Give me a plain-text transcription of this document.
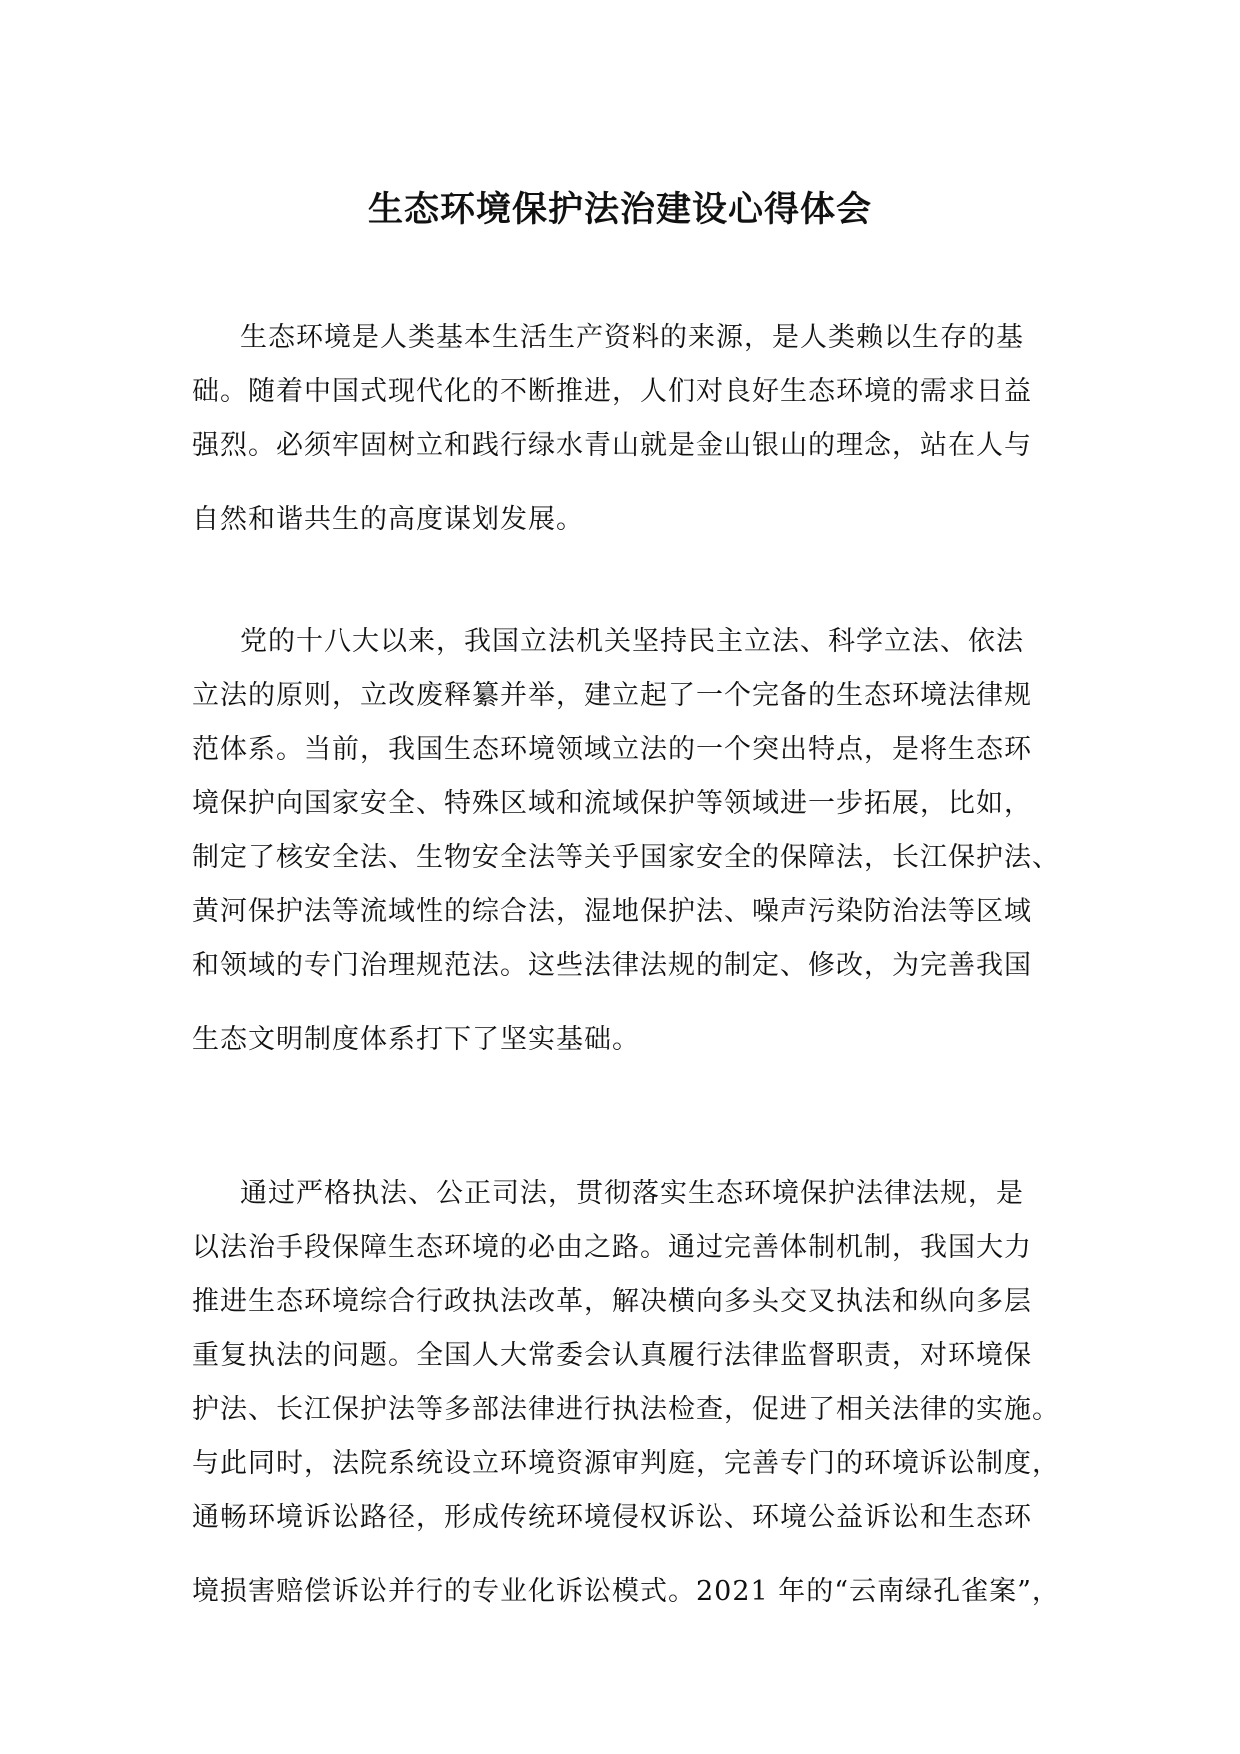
生态环境保护法治建设心得体会
生态环境是人类基本生活生产资料的来源，是人类赖以生存的基
础。随着中国式现代化的不断推进，人们对良好生态环境的需求日益
强烈。必须牢固树立和践行绿水青山就是金山银山的理念，站在人与
自然和谐共生的高度谋划发展。
党的十八大以来，我国立法机关坚持民主立法、科学立法、依法
立法的原则，立改废释纂并举，建立起了一个完备的生态环境法律规
范体系。当前，我国生态环境领域立法的一个突出特点，是将生态环
境保护向国家安全、特殊区域和流域保护等领域进一步拓展，比如，
制定了核安全法、生物安全法等关乎国家安全的保障法，长江保护法、
黄河保护法等流域性的综合法，湿地保护法、噪声污染防治法等区域
和领域的专门治理规范法。这些法律法规的制定、修改，为完善我国
生态文明制度体系打下了坚实基础。
通过严格执法、公正司法，贯彻落实生态环境保护法律法规，是
以法治手段保障生态环境的必由之路。通过完善体制机制，我国大力
推进生态环境综合行政执法改革，解决横向多头交叉执法和纵向多层
重复执法的问题。全国人大常委会认真履行法律监督职责，对环境保
护法、长江保护法等多部法律进行执法检查，促进了相关法律的实施。
与此同时，法院系统设立环境资源审判庭，完善专门的环境诉讼制度，
通畅环境诉讼路径，形成传统环境侵权诉讼、环境公益诉讼和生态环
境损害赔偿诉讼并行的专业化诉讼模式。2021 年的“云南绿孔雀案”，
